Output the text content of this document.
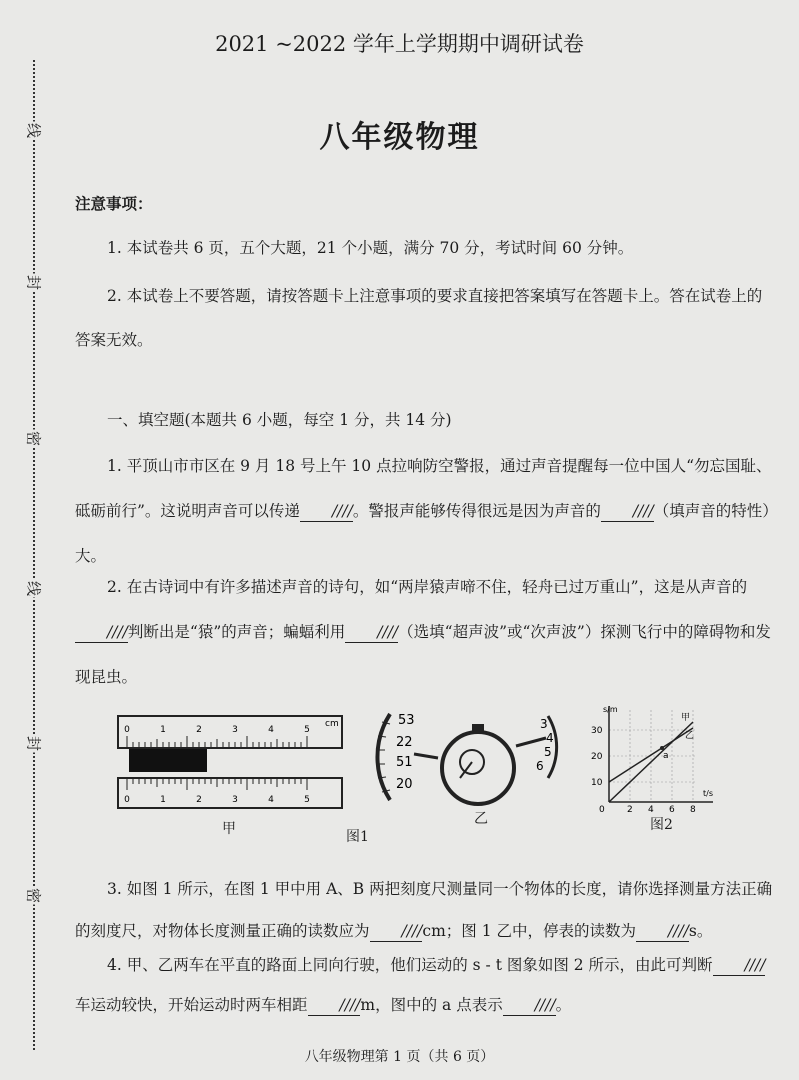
线
封
密
线
封
密
2021 ~2022 学年上学期期中调研试卷
八年级物理
注意事项：
1. 本试卷共 6 页，五个大题，21 个小题，满分 70 分，考试时间 60 分钟。
2. 本试卷上不要答题，请按答题卡上注意事项的要求直接把答案填写在答题卡上。答在试卷上的答案无效。
一、填空题(本题共 6 小题，每空 1 分，共 14 分)
1. 平顶山市市区在 9 月 18 号上午 10 点拉响防空警报，通过声音提醒每一位中国人“勿忘国耻、砥砺前行”。这说明声音可以传递 ////。警报声能够传得很远是因为声音的 ////（填声音的特性）大。
2. 在古诗词中有许多描述声音的诗句，如“两岸猿声啼不住，轻舟已过万重山”，这是从声音的////判断出是“猿”的声音；蝙蝠利用 ////（选填“超声波”或“次声波”）探测飞行中的障碍物和发现昆虫。
0	1	2	3	4	5
cm
0	1	2	3	4	5
甲
53
22
51
20
3
4
5
6
图1
乙
s/m
t/s
30
20
10
0 2 4 6 8
甲
乙
a
图2
3. 如图 1 所示，在图 1 甲中用 A、B 两把刻度尺测量同一个物体的长度，请你选择测量方法正确的刻度尺，对物体长度测量正确的读数应为 ////cm；图 1 乙中，停表的读数为 ////s。
4. 甲、乙两车在平直的路面上同向行驶，他们运动的 s - t 图象如图 2 所示，由此可判断 ////车运动较快，开始运动时两车相距 ////m，图中的 a 点表示 ////。
八年级物理第 1 页（共 6 页）
